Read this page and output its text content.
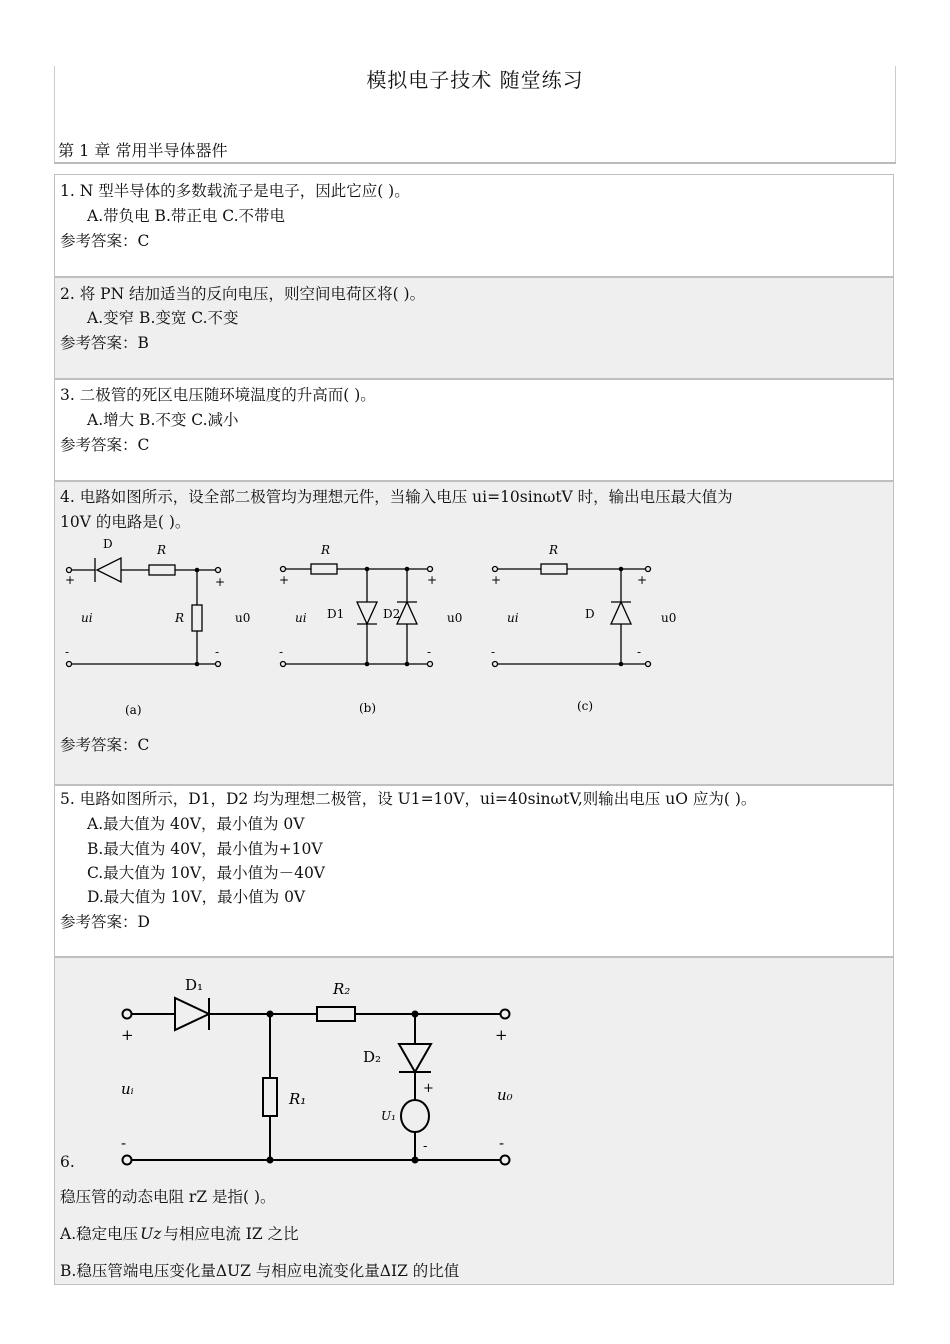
模拟电子技术 随堂练习
第 1 章 常用半导体器件
1. N 型半导体的多数载流子是电子，因此它应( )。
A.带负电 B.带正电 C.不带电
参考答案：C
2. 将 PN 结加适当的反向电压，则空间电荷区将( )。
A.变窄 B.变宽 C.不变
参考答案：B
3. 二极管的死区电压随环境温度的升高而( )。
A.增大 B.不变 C.减小
参考答案：C
4. 电路如图所示，设全部二极管均为理想元件，当输入电压 ui=10sinωtV 时，输出电压最大值为
10V 的电路是( )。
D	R
+	+
ui	R	u0
-	-
(a)
R
+	+
ui D1	D2	u0
-	-
(b)
R
+	+
ui	D	u0
-	-
(c)
参考答案：C
5. 电路如图所示，D1，D2 均为理想二极管，设 U1=10V，ui=40sinωtV,则输出电压 uO 应为( )。
A.最大值为 40V，最小值为 0V
B.最大值为 40V，最小值为+10V
C.最大值为 10V，最小值为－40V
D.最大值为 10V，最小值为 0V
参考答案：D
D₁	R₂
+	+
D₂
+
uᵢ
R₁
U₁
u₀
-
-	-
6.
稳压管的动态电阻 rZ 是指( )。
A.稳定电压 Uz 与相应电流 IZ 之比
B.稳压管端电压变化量ΔUZ 与相应电流变化量ΔIZ 的比值
